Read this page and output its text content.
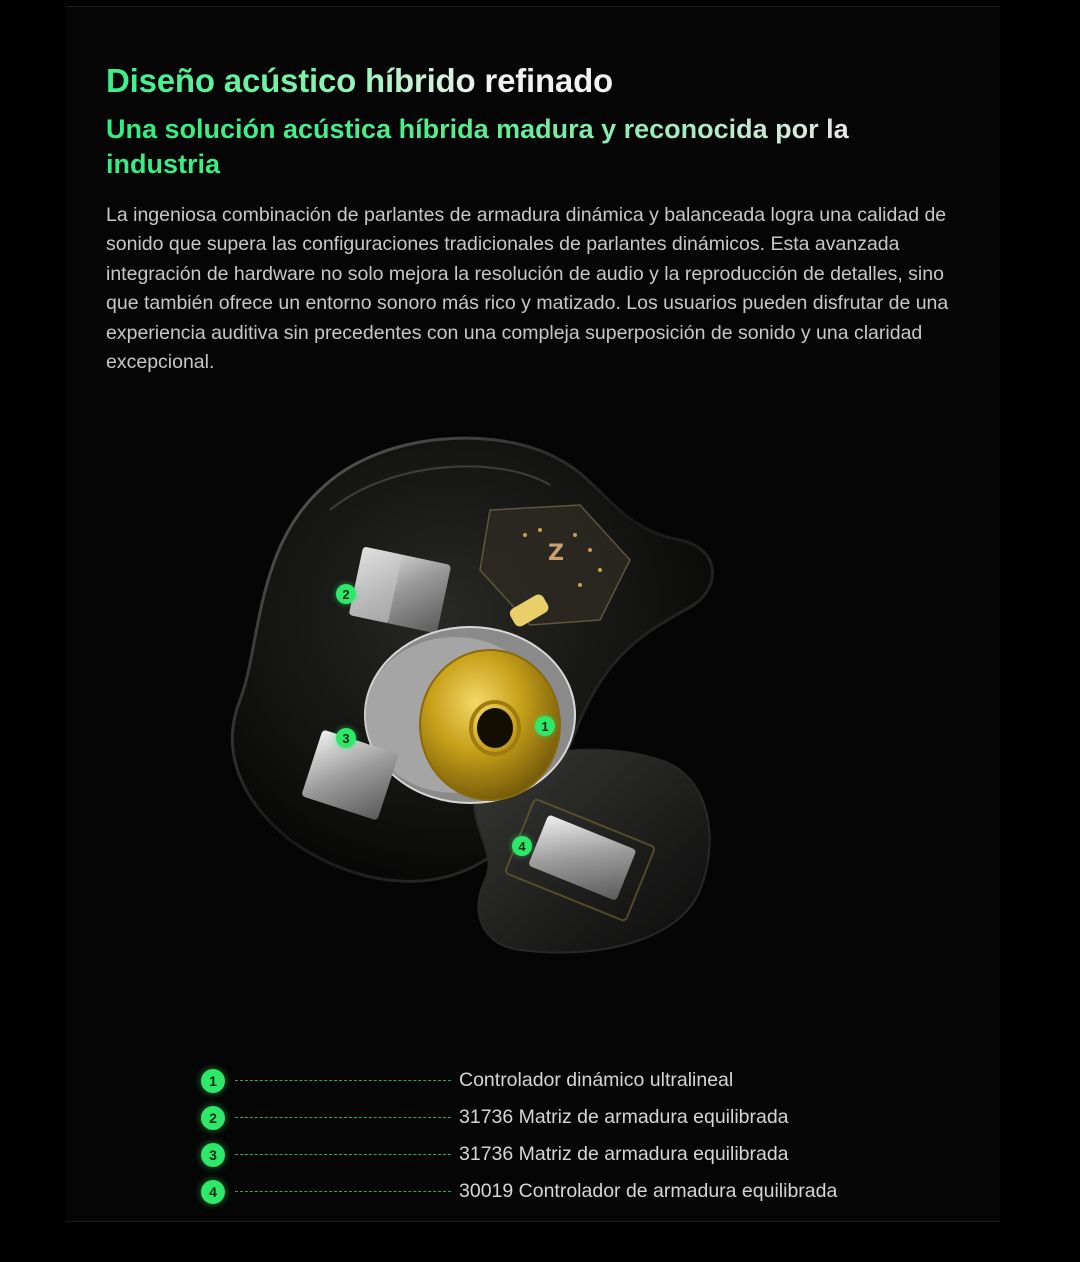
Diseño acústico híbrido refinado
Una solución acústica híbrida madura y reconocida por la industria

La ingeniosa combinación de parlantes de armadura dinámica y balanceada logra una calidad de sonido que supera las configuraciones tradicionales de parlantes dinámicos. Esta avanzada integración de hardware no solo mejora la resolución de audio y la reproducción de detalles, sino que también ofrece un entorno sonoro más rico y matizado. Los usuarios pueden disfrutar de una experiencia auditiva sin precedentes con una compleja superposición de sonido y una claridad excepcional.

Z
1
2
3
4
1	Controlador dinámico ultralineal
2	31736 Matriz de armadura equilibrada
3	31736 Matriz de armadura equilibrada
4	30019 Controlador de armadura equilibrada
